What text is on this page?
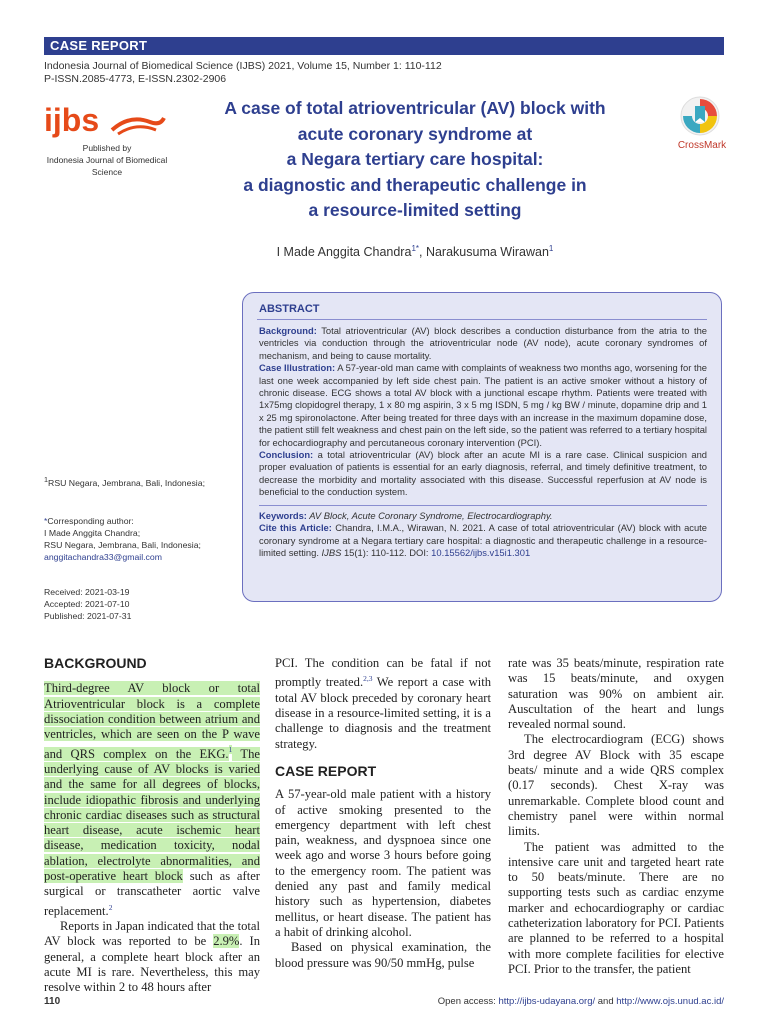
CASE REPORT
Indonesia Journal of Biomedical Science (IJBS) 2021, Volume 15, Number 1: 110-112
P-ISSN.2085-4773, E-ISSN.2302-2906
ijbs
Published by
Indonesia Journal of Biomedical Science
A case of total atrioventricular (AV) block with
acute coronary syndrome at
a Negara tertiary care hospital:
a diagnostic and therapeutic challenge in
a resource-limited setting
CrossMark
I Made Anggita Chandra$^{1*}$, Narakusuma Wirawan$^1$
ABSTRACT

Background: Total atrioventricular (AV) block describes a conduction disturbance from the atria to the ventricles via conduction through the atrioventricular node (AV node), acute coronary syndromes of mechanism, and being to cause mortality.

Case Illustration: A 57-year-old man came with complaints of weakness two months ago, worsening for the last one week accompanied by left side chest pain. The patient is an active smoker without a history of chronic disease. ECG shows a total AV block with a junctional escape rhythm. Patients were treated with 1x75mg clopidogrel therapy, 1 x 80 mg aspirin, 3 x 5 mg ISDN, 5 mg / kg BW / minute, dopamine drip and 1 x 25 mg spironolactone. After being treated for three days with an increase in the maximum dopamine dose, the patient still felt weakness and chest pain on the left side, so the patient was referred to a tertiary hospital for echocardiography and percutaneous coronary intervention (PCI).

Conclusion: a total atrioventricular (AV) block after an acute MI is a rare case. Clinical suspicion and proper evaluation of patients is essential for an early diagnosis, referral, and timely definitive treatment, to decrease the morbidity and mortality associated with this disease. Successful reperfusion at AV node is beneficial to the conduction system.

Keywords: AV Block, Acute Coronary Syndrome, Electrocardiography.

Cite this Article: Chandra, I.M.A., Wirawan, N. 2021. A case of total atrioventricular (AV) block with acute coronary syndrome at a Negara tertiary care hospital: a diagnostic and therapeutic challenge in a resource-limited setting. IJBS 15(1): 110-112. DOI: 10.15562/ijbs.v15i1.301

$^1$RSU Negara, Jembrana, Bali, Indonesia;
*Corresponding author:
I Made Anggita Chandra;
RSU Negara, Jembrana, Bali, Indonesia;
anggitachandra33@gmail.com
Received: 2021-03-19
Accepted: 2021-07-10
Published: 2021-07-31
BACKGROUND

Third-degree AV block or total Atrioventricular block is a complete dissociation condition between atrium and ventricles, which are seen on the P wave and QRS complex on the EKG.$^1$ The underlying cause of AV blocks is varied and the same for all degrees of blocks, include idiopathic fibrosis and underlying chronic cardiac diseases such as structural heart disease, acute ischemic heart disease, medication toxicity, nodal ablation, electrolyte abnormalities, and post-operative heart block such as after surgical or transcatheter aortic valve replacement.$^2$

Reports in Japan indicated that the total AV block was reported to be 2.9%. In general, a complete heart block after an acute MI is rare. Nevertheless, this may resolve within 2 to 48 hours after

PCI. The condition can be fatal if not promptly treated.$^{2,3}$ We report a case with total AV block preceded by coronary heart disease in a resource-limited setting, it is a challenge to diagnosis and the treatment strategy.

CASE REPORT

A 57-year-old male patient with a history of active smoking presented to the emergency department with left chest pain, weakness, and dyspnoea since one week ago and worse 3 hours before going to the emergency room. The patient was denied any past and family medical history such as hypertension, diabetes mellitus, or heart disease. The patient has a habit of drinking alcohol.

Based on physical examination, the blood pressure was 90/50 mmHg, pulse

rate was 35 beats/minute, respiration rate was 15 beats/minute, and oxygen saturation was 90% on ambient air. Auscultation of the heart and lungs revealed normal sound.

The electrocardiogram (ECG) shows 3rd degree AV Block with 35 escape beats/ minute and a wide QRS complex (0.17 seconds). Chest X-ray was unremarkable. Complete blood count and chemistry panel were within normal limits.

The patient was admitted to the intensive care unit and targeted heart rate to 50 beats/minute. There are no supporting tests such as cardiac enzyme marker and echocardiography or cardiac catheterization laboratory for PCI. Patients are planned to be referred to a hospital with more complete facilities for elective PCI. Prior to the transfer, the patient

110	Open access: http://ijbs-udayana.org/ and http://www.ojs.unud.ac.id/
